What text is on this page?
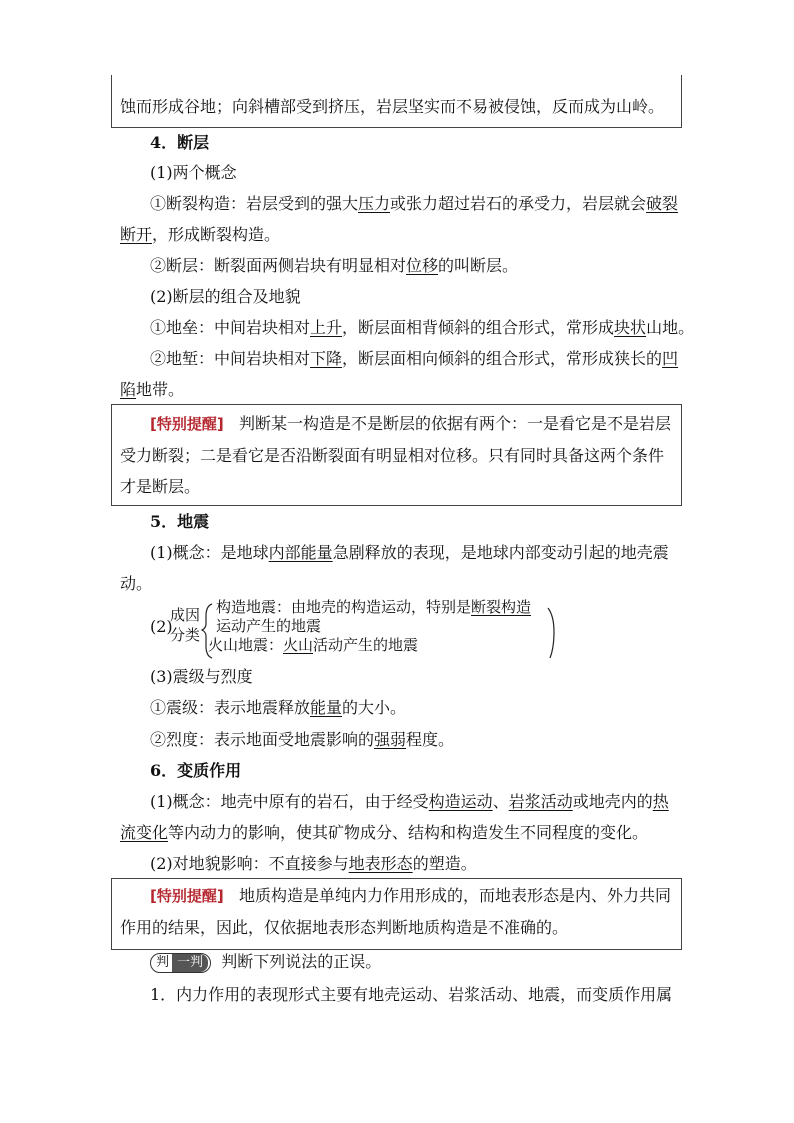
蚀而形成谷地；向斜槽部受到挤压，岩层坚实而不易被侵蚀，反而成为山岭。
4．断层
(1)两个概念
①断裂构造：岩层受到的强大压力或张力超过岩石的承受力，岩层就会破裂
断开，形成断裂构造。
②断层：断裂面两侧岩块有明显相对位移的叫断层。
(2)断层的组合及地貌
①地垒：中间岩块相对上升，断层面相背倾斜的组合形式，常形成块状山地。
②地堑：中间岩块相对下降，断层面相向倾斜的组合形式，常形成狭长的凹
陷地带。
[特别提醒] 判断某一构造是不是断层的依据有两个：一是看它是不是岩层
受力断裂；二是看它是否沿断裂面有明显相对位移。只有同时具备这两个条件
才是断层。
5．地震
(1)概念：是地球内部能量急剧释放的表现，是地球内部变动引起的地壳震
动。
(2)
成因
分类
构造地震：由地壳的构造运动，特别是断裂构造
运动产生的地震
火山地震：火山活动产生的地震
(3)震级与烈度
①震级：表示地震释放能量的大小。
②烈度：表示地面受地震影响的强弱程度。
6．变质作用
(1)概念：地壳中原有的岩石，由于经受构造运动、岩浆活动或地壳内的热
流变化等内动力的影响，使其矿物成分、结构和构造发生不同程度的变化。
(2)对地貌影响：不直接参与地表形态的塑造。
[特别提醒] 地质构造是单纯内力作用形成的，而地表形态是内、外力共同
作用的结果，因此，仅依据地表形态判断地质构造是不准确的。
判 一判 判断下列说法的正误。
1．内力作用的表现形式主要有地壳运动、岩浆活动、地震，而变质作用属
